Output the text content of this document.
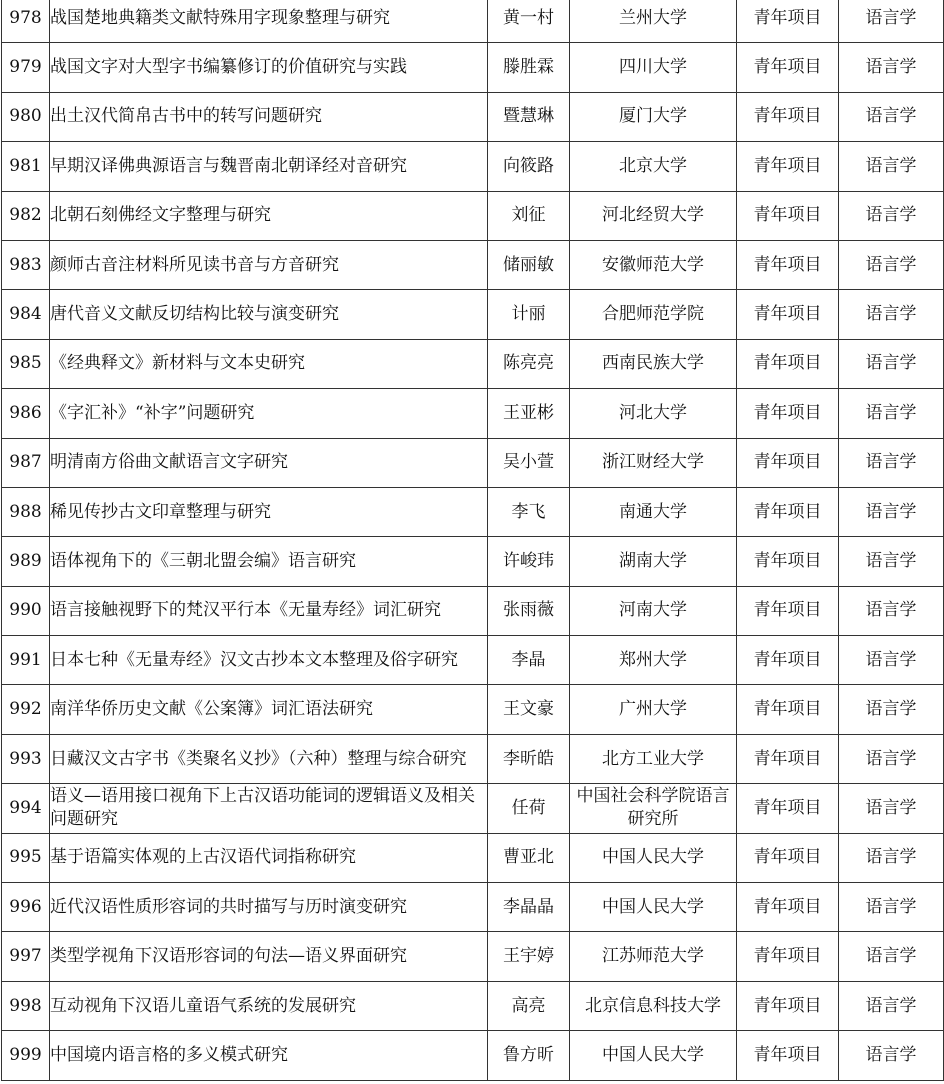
978	战国楚地典籍类文献特殊用字现象整理与研究	黄一村	兰州大学	青年项目	语言学
979	战国文字对大型字书编纂修订的价值研究与实践	滕胜霖	四川大学	青年项目	语言学
980	出土汉代简帛古书中的转写问题研究	暨慧琳	厦门大学	青年项目	语言学
981	早期汉译佛典源语言与魏晋南北朝译经对音研究	向筱路	北京大学	青年项目	语言学
982	北朝石刻佛经文字整理与研究	刘征	河北经贸大学	青年项目	语言学
983	颜师古音注材料所见读书音与方音研究	储丽敏	安徽师范大学	青年项目	语言学
984	唐代音义文献反切结构比较与演变研究	计丽	合肥师范学院	青年项目	语言学
985	《经典释文》新材料与文本史研究	陈亮亮	西南民族大学	青年项目	语言学
986	《字汇补》“补字”问题研究	王亚彬	河北大学	青年项目	语言学
987	明清南方俗曲文献语言文字研究	吴小萱	浙江财经大学	青年项目	语言学
988	稀见传抄古文印章整理与研究	李飞	南通大学	青年项目	语言学
989	语体视角下的《三朝北盟会编》语言研究	许峻玮	湖南大学	青年项目	语言学
990	语言接触视野下的梵汉平行本《无量寿经》词汇研究	张雨薇	河南大学	青年项目	语言学
991	日本七种《无量寿经》汉文古抄本文本整理及俗字研究	李晶	郑州大学	青年项目	语言学
992	南洋华侨历史文献《公案簿》词汇语法研究	王文豪	广州大学	青年项目	语言学
993	日藏汉文古字书《类聚名义抄》（六种）整理与综合研究	李昕皓	北方工业大学	青年项目	语言学
994	语义—语用接口视角下上古汉语功能词的逻辑语义及相关问题研究	任荷	中国社会科学院语言研究所	青年项目	语言学
995	基于语篇实体观的上古汉语代词指称研究	曹亚北	中国人民大学	青年项目	语言学
996	近代汉语性质形容词的共时描写与历时演变研究	李晶晶	中国人民大学	青年项目	语言学
997	类型学视角下汉语形容词的句法—语义界面研究	王宇婷	江苏师范大学	青年项目	语言学
998	互动视角下汉语儿童语气系统的发展研究	高亮	北京信息科技大学	青年项目	语言学
999	中国境内语言格的多义模式研究	鲁方昕	中国人民大学	青年项目	语言学
